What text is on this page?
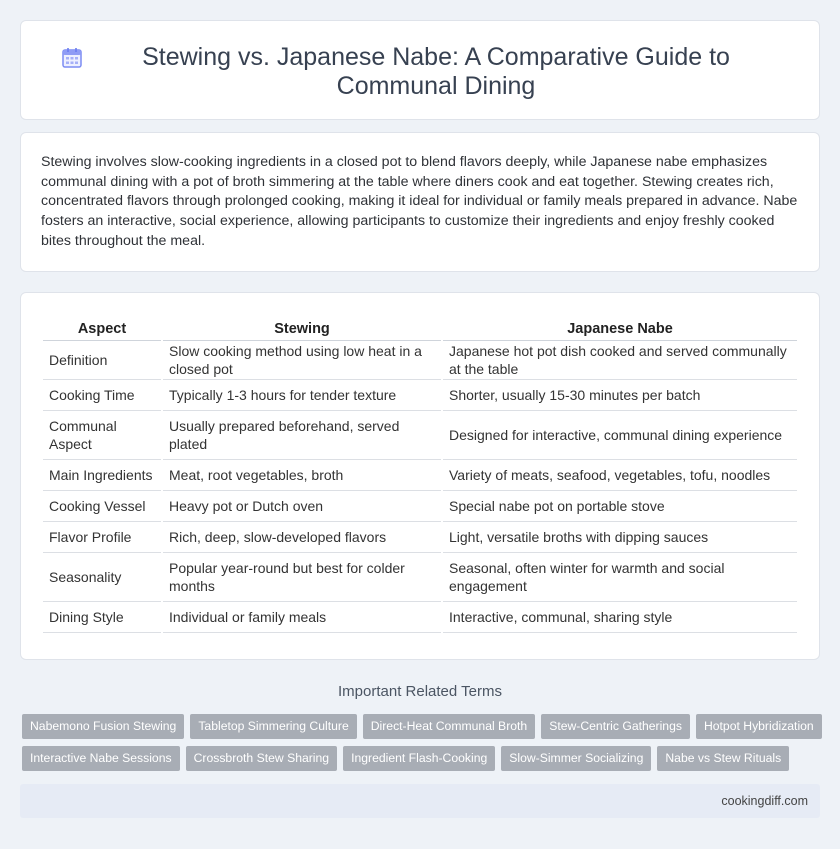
Stewing vs. Japanese Nabe: A Comparative Guide to Communal Dining

Stewing involves slow-cooking ingredients in a closed pot to blend flavors deeply, while Japanese nabe emphasizes communal dining with a pot of broth simmering at the table where diners cook and eat together. Stewing creates rich, concentrated flavors through prolonged cooking, making it ideal for individual or family meals prepared in advance. Nabe fosters an interactive, social experience, allowing participants to customize their ingredients and enjoy freshly cooked bites throughout the meal.

Aspect	Stewing	Japanese Nabe
Definition	Slow cooking method using low heat in a closed pot	Japanese hot pot dish cooked and served communally at the table
Cooking Time	Typically 1-3 hours for tender texture	Shorter, usually 15-30 minutes per batch
Communal Aspect	Usually prepared beforehand, served plated	Designed for interactive, communal dining experience
Main Ingredients	Meat, root vegetables, broth	Variety of meats, seafood, vegetables, tofu, noodles
Cooking Vessel	Heavy pot or Dutch oven	Special nabe pot on portable stove
Flavor Profile	Rich, deep, slow-developed flavors	Light, versatile broths with dipping sauces
Seasonality	Popular year-round but best for colder months	Seasonal, often winter for warmth and social engagement
Dining Style	Individual or family meals	Interactive, communal, sharing style
Important Related Terms
Nabemono Fusion Stewing	Tabletop Simmering Culture	Direct-Heat Communal Broth	Stew-Centric Gatherings	Hotpot Hybridization
Interactive Nabe Sessions	Crossbroth Stew Sharing	Ingredient Flash-Cooking	Slow-Simmer Socializing	Nabe vs Stew Rituals
cookingdiff.com
